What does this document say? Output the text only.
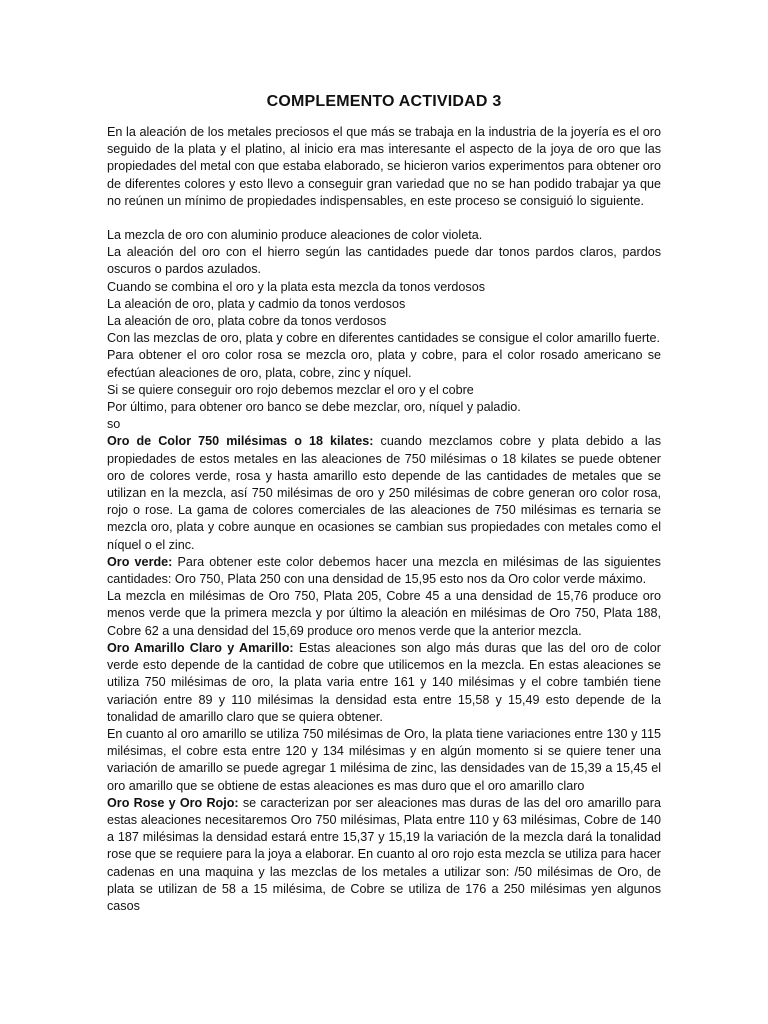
COMPLEMENTO ACTIVIDAD 3

En la aleación de los metales preciosos el que más se trabaja en la industria de la joyería es el oro seguido de la plata y el platino, al inicio era mas interesante el aspecto de la joya de oro que las propiedades del metal con que estaba elaborado, se hicieron varios experimentos para obtener oro de diferentes colores y esto llevo a conseguir gran variedad que no se han podido trabajar ya que no reúnen un mínimo de propiedades indispensables, en este proceso se consiguió lo siguiente.

La mezcla de oro con aluminio produce aleaciones de color violeta.

La aleación del oro con el hierro según las cantidades puede dar tonos pardos claros, pardos oscuros o pardos azulados.

Cuando se combina el oro y la plata esta mezcla da tonos verdosos

La aleación de oro, plata y cadmio da tonos verdosos

La aleación de oro, plata cobre da tonos verdosos

Con las mezclas de oro, plata y cobre en diferentes cantidades se consigue el color amarillo fuerte.

Para obtener el oro color rosa se mezcla oro, plata y cobre, para el color rosado americano se efectúan aleaciones de oro, plata, cobre, zinc y níquel.

Si se quiere conseguir oro rojo debemos mezclar el oro y el cobre

Por último, para obtener oro banco se debe mezclar, oro, níquel y paladio.

so

Oro de Color 750 milésimas o 18 kilates: cuando mezclamos cobre y plata debido a las propiedades de estos metales en las aleaciones de 750 milésimas o 18 kilates se puede obtener oro de colores verde, rosa y hasta amarillo esto depende de las cantidades de metales que se utilizan en la mezcla, así 750 milésimas de oro y 250 milésimas de cobre generan oro color rosa, rojo o rose. La gama de colores comerciales de las aleaciones de 750 milésimas es ternaria se mezcla oro, plata y cobre aunque en ocasiones se cambian sus propiedades con metales como el níquel o el zinc.

Oro verde: Para obtener este color debemos hacer una mezcla en milésimas de las siguientes cantidades: Oro 750, Plata 250 con una densidad de 15,95 esto nos da Oro color verde máximo.

La mezcla en milésimas de Oro 750, Plata 205, Cobre 45 a una densidad de 15,76 produce oro menos verde que la primera mezcla y por último la aleación en milésimas de Oro 750, Plata 188, Cobre 62 a una densidad del 15,69 produce oro menos verde que la anterior mezcla.

Oro Amarillo Claro y Amarillo: Estas aleaciones son algo más duras que las del oro de color verde esto depende de la cantidad de cobre que utilicemos en la mezcla. En estas aleaciones se utiliza 750 milésimas de oro, la plata varia entre 161 y 140 milésimas y el cobre también tiene variación entre 89 y 110 milésimas la densidad esta entre 15,58 y 15,49 esto depende de la tonalidad de amarillo claro que se quiera obtener.

En cuanto al oro amarillo se utiliza 750 milésimas de Oro, la plata tiene variaciones entre 130 y 115 milésimas, el cobre esta entre 120 y 134 milésimas y en algún momento si se quiere tener una variación de amarillo se puede agregar 1 milésima de zinc, las densidades van de 15,39 a 15,45 el oro amarillo que se obtiene de estas aleaciones es mas duro que el oro amarillo claro

Oro Rose y Oro Rojo: se caracterizan por ser aleaciones mas duras de las del oro amarillo para estas aleaciones necesitaremos Oro 750 milésimas, Plata entre 110 y 63 milésimas, Cobre de 140 a 187 milésimas la densidad estará entre 15,37 y 15,19 la variación de la mezcla dará la tonalidad rose que se requiere para la joya a elaborar. En cuanto al oro rojo esta mezcla se utiliza para hacer cadenas en una maquina y las mezclas de los metales a utilizar son: /50 milésimas de Oro, de plata se utilizan de 58 a 15 milésima, de Cobre se utiliza de 176 a 250 milésimas yen algunos casos
